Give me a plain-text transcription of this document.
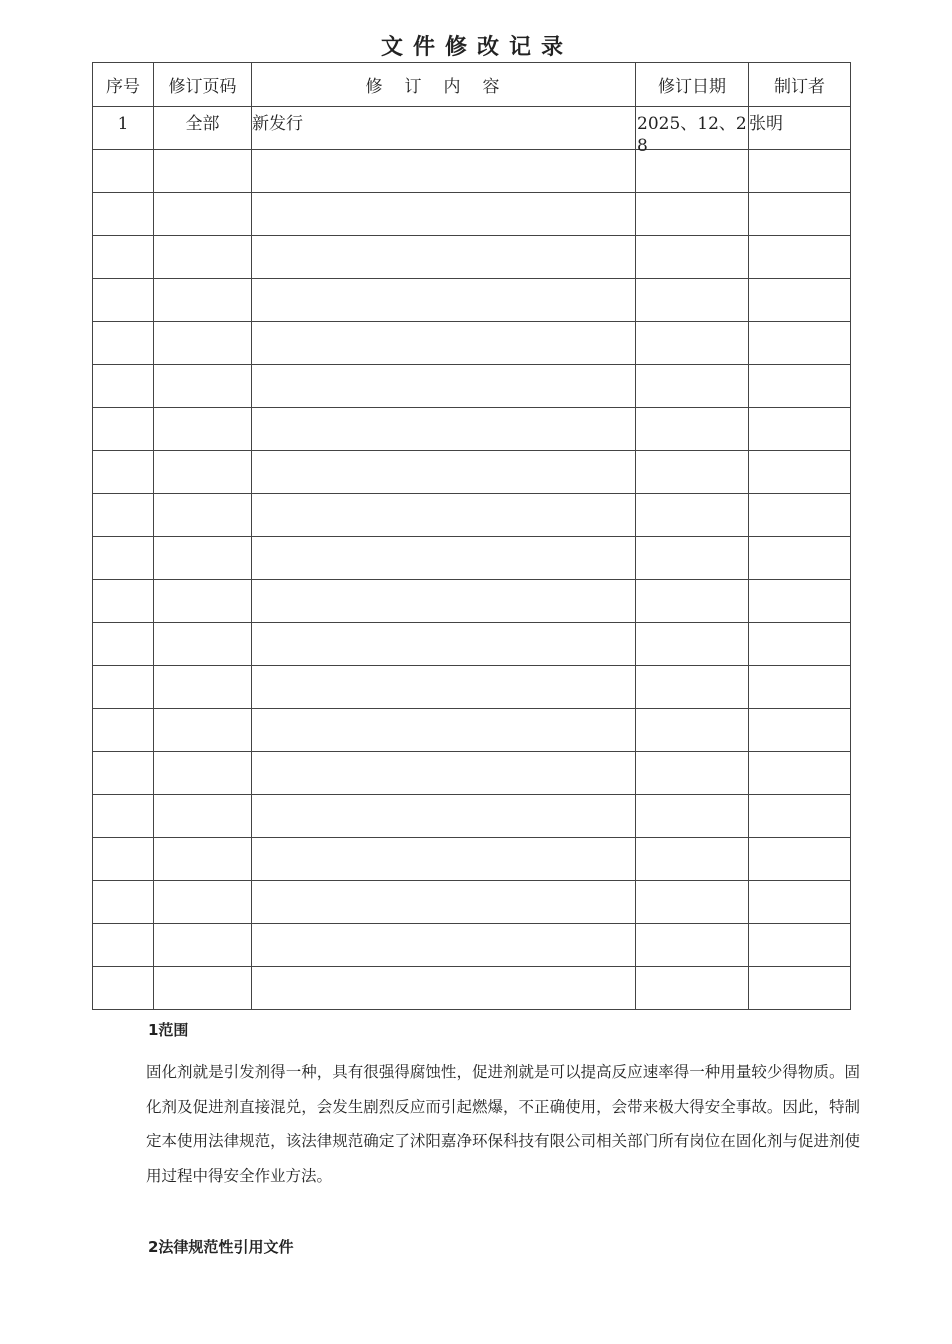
文件修改记录
序号	修订页码	修订内容	修订日期	制订者

1	全部	新发行	2025、12、28	张明

1范围
固化剂就是引发剂得一种，具有很强得腐蚀性，促进剂就是可以提高反应速率得一种用量较少得物质。固化剂及促进剂直接混兑，会发生剧烈反应而引起燃爆，不正确使用，会带来极大得安全事故。因此，特制定本使用法律规范，该法律规范确定了沭阳嘉净环保科技有限公司相关部门所有岗位在固化剂与促进剂使用过程中得安全作业方法。
2法律规范性引用文件
